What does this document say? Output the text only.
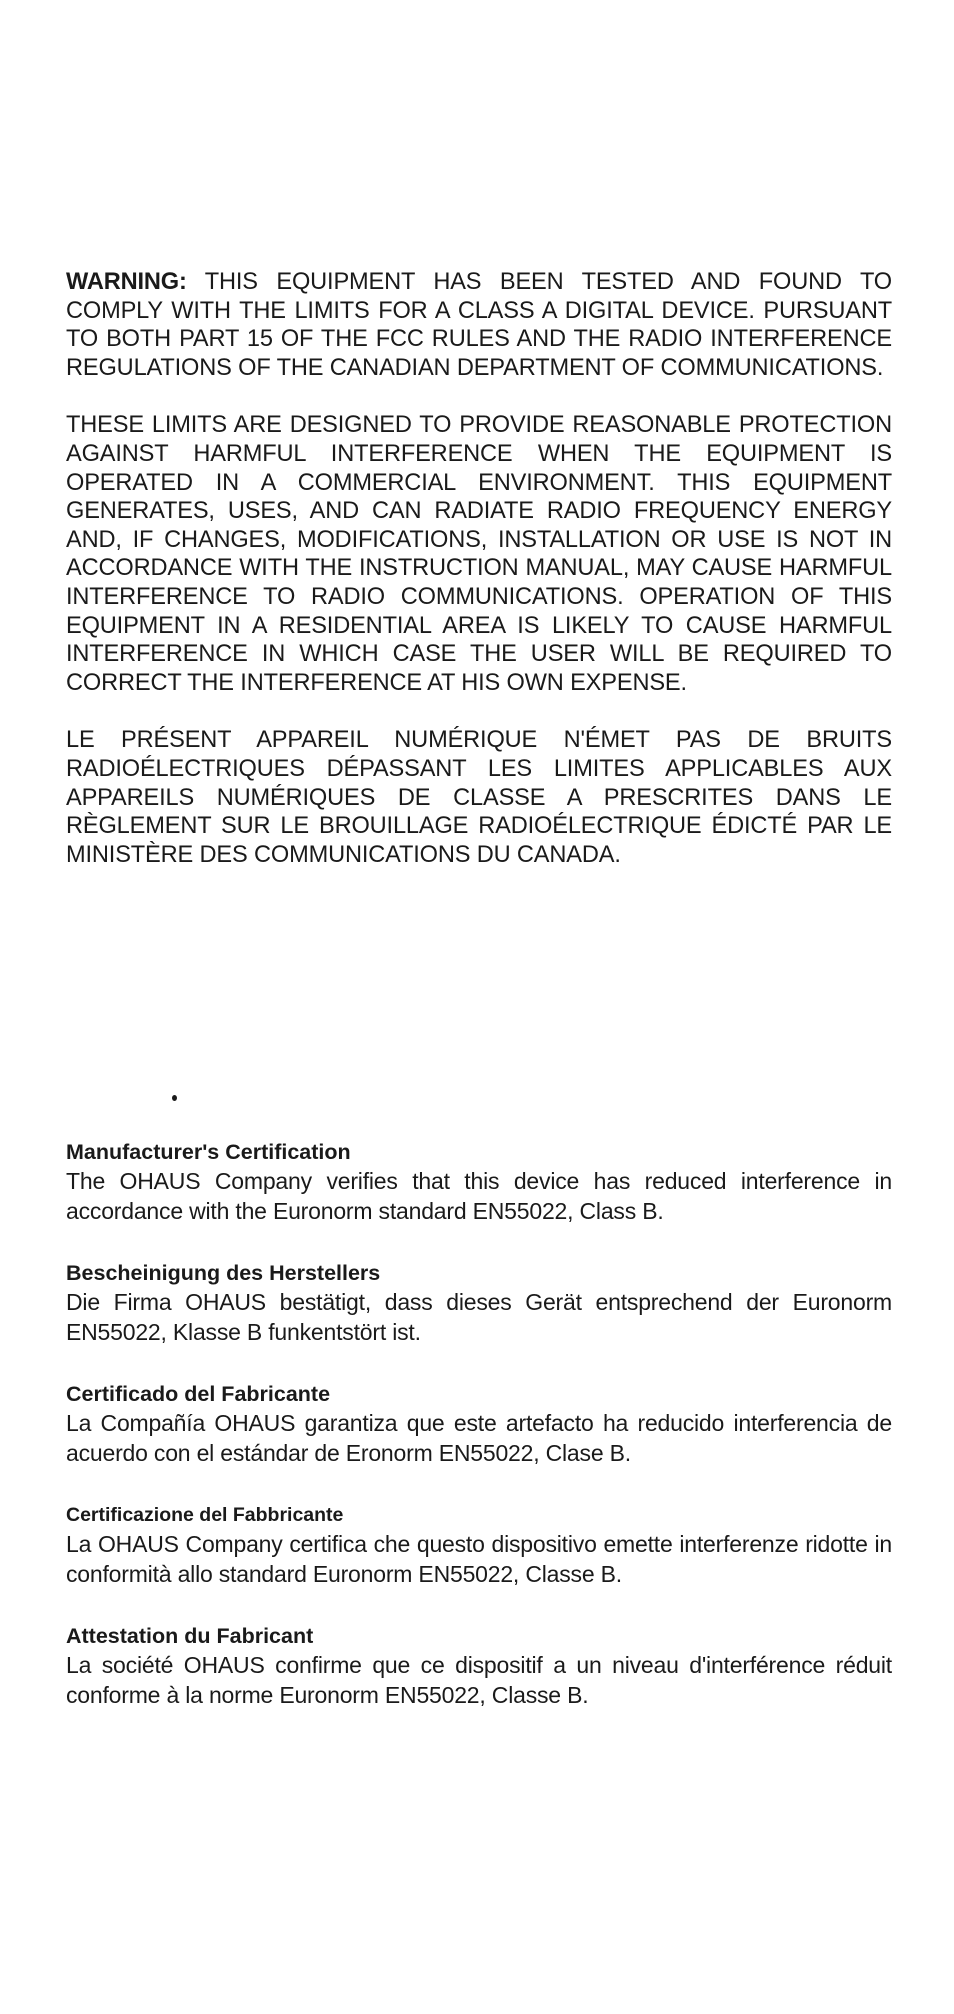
WARNING: THIS EQUIPMENT HAS BEEN TESTED AND FOUND TO COMPLY WITH THE LIMITS FOR A CLASS A DIGITAL DEVICE. PURSUANT TO BOTH PART 15 OF THE FCC RULES AND THE RADIO INTERFERENCE REGULATIONS OF THE CANADIAN DEPARTMENT OF COMMUNICATIONS.

THESE LIMITS ARE DESIGNED TO PROVIDE REASONABLE PROTECTION AGAINST HARMFUL INTERFERENCE WHEN THE EQUIPMENT IS OPERATED IN A COMMERCIAL ENVIRONMENT. THIS EQUIPMENT GENERATES, USES, AND CAN RADIATE RADIO FREQUENCY ENERGY AND, IF CHANGES, MODIFICATIONS, INSTALLATION OR USE IS NOT IN ACCORDANCE WITH THE INSTRUCTION MANUAL, MAY CAUSE HARMFUL INTERFERENCE TO RADIO COMMUNICATIONS. OPERATION OF THIS EQUIPMENT IN A RESIDENTIAL AREA IS LIKELY TO CAUSE HARMFUL INTERFERENCE IN WHICH CASE THE USER WILL BE REQUIRED TO CORRECT THE INTERFERENCE AT HIS OWN EXPENSE.

LE PRÉSENT APPAREIL NUMÉRIQUE N'ÉMET PAS DE BRUITS RADIOÉLECTRIQUES DÉPASSANT LES LIMITES APPLICABLES AUX APPAREILS NUMÉRIQUES DE CLASSE A PRESCRITES DANS LE RÈGLEMENT SUR LE BROUILLAGE RADIOÉLECTRIQUE ÉDICTÉ PAR LE MINISTÈRE DES COMMUNICATIONS DU CANADA.

Manufacturer's Certification

The OHAUS Company verifies that this device has reduced interference in accordance with the Euronorm standard EN55022, Class B.

Bescheinigung des Herstellers

Die Firma OHAUS bestätigt, dass dieses Gerät entsprechend der Euronorm EN55022, Klasse B funkentstört ist.

Certificado del Fabricante

La Compañía OHAUS garantiza que este artefacto ha reducido interferencia de acuerdo con el estándar de Eronorm EN55022, Clase B.

Certificazione del Fabbricante

La OHAUS Company certifica che questo dispositivo emette interferenze ridotte in conformità allo standard Euronorm EN55022, Classe B.

Attestation du Fabricant

La société OHAUS confirme que ce dispositif a un niveau d'interférence réduit conforme à la norme Euronorm EN55022, Classe B.
